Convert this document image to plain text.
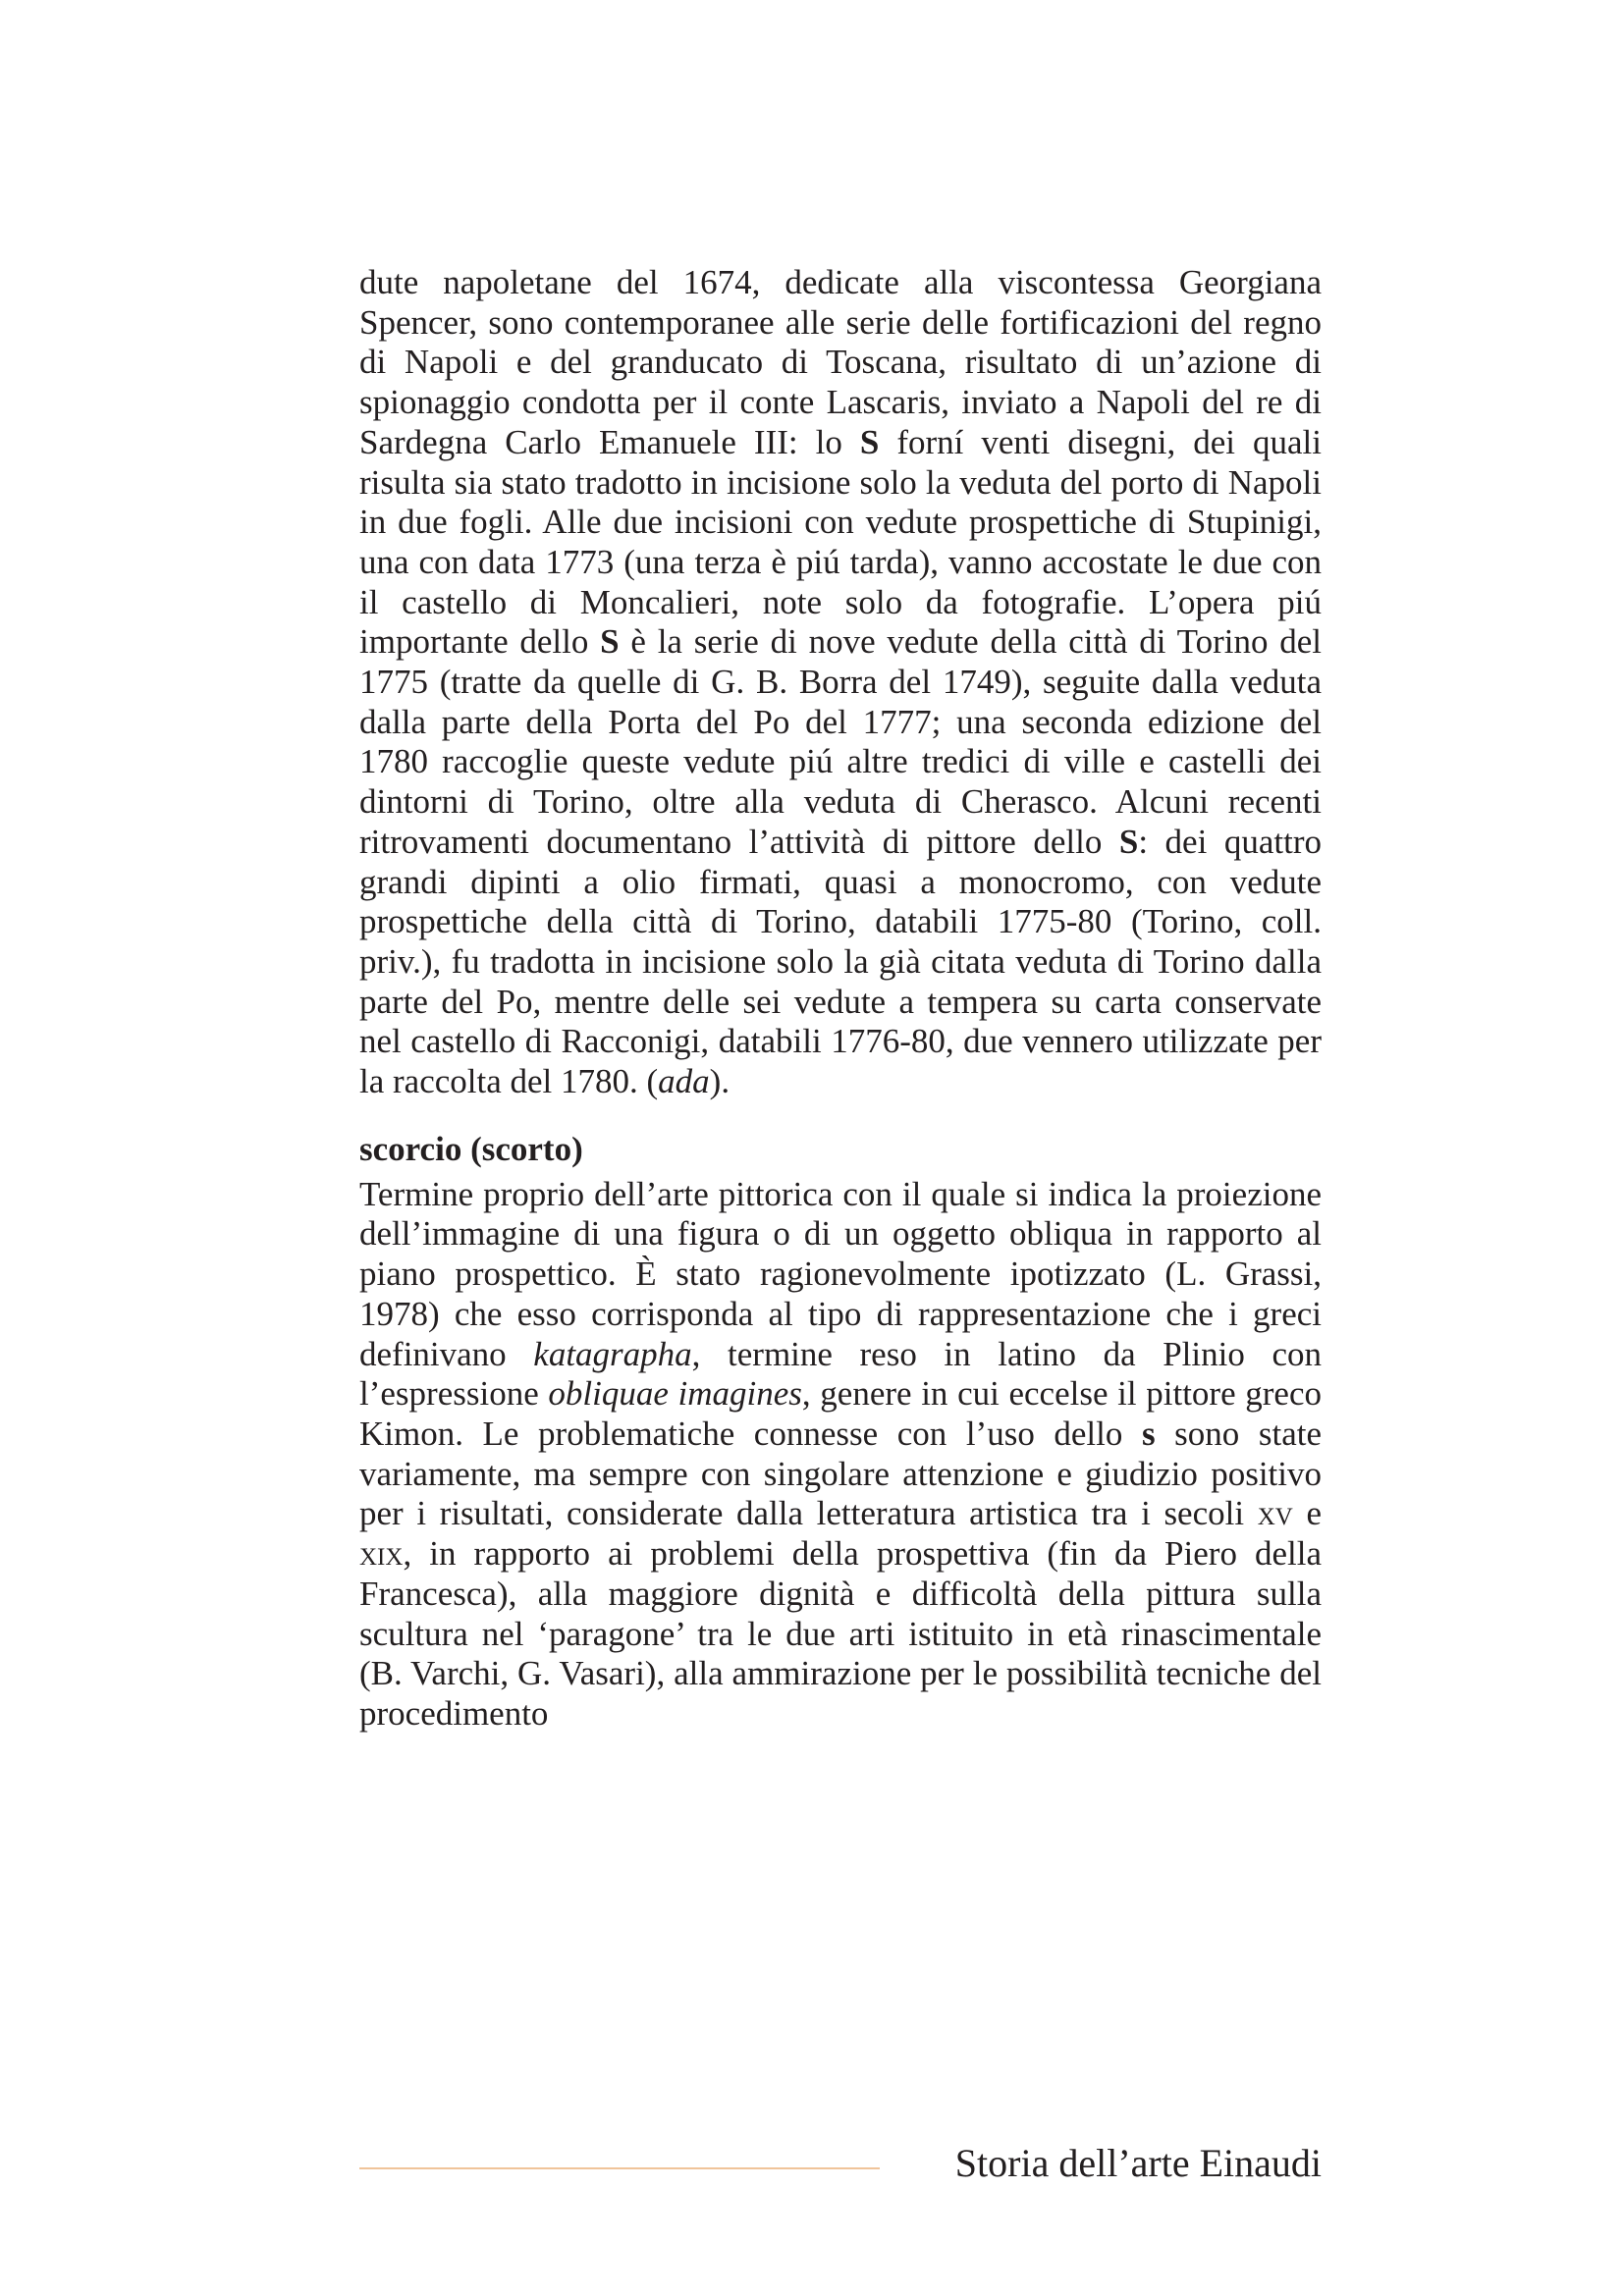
dute napoletane del 1674, dedicate alla viscontessa Georgiana Spencer, sono contemporanee alle serie delle fortificazioni del regno di Napoli e del granducato di Toscana, risultato di un’azione di spionaggio condotta per il conte Lascaris, inviato a Napoli del re di Sardegna Carlo Emanuele III: lo S forní venti disegni, dei quali risulta sia stato tradotto in incisione solo la veduta del porto di Napoli in due fogli. Alle due incisioni con vedute prospettiche di Stupinigi, una con data 1773 (una terza è piú tarda), vanno accostate le due con il castello di Moncalieri, note solo da fotografie. L’opera piú importante dello S è la serie di nove vedute della città di Torino del 1775 (tratte da quelle di G. B. Borra del 1749), seguite dalla veduta dalla parte della Porta del Po del 1777; una seconda edizione del 1780 raccoglie queste vedute piú altre tredici di ville e castelli dei dintorni di Torino, oltre alla veduta di Cherasco. Alcuni recenti ritrovamenti documentano l’attività di pittore dello S: dei quattro grandi dipinti a olio firmati, quasi a monocromo, con vedute prospettiche della città di Torino, databili 1775-80 (Torino, coll. priv.), fu tradotta in incisione solo la già citata veduta di Torino dalla parte del Po, mentre delle sei vedute a tempera su carta conservate nel castello di Racconigi, databili 1776-80, due vennero utilizzate per la raccolta del 1780. (ada).

scorcio (scorto)

Termine proprio dell’arte pittorica con il quale si indica la proiezione dell’immagine di una figura o di un oggetto obliqua in rapporto al piano prospettico. È stato ragionevolmente ipotizzato (L. Grassi, 1978) che esso corrisponda al tipo di rappresentazione che i greci definivano katagrapha, termine reso in latino da Plinio con l’espressione obliquae imagines, genere in cui eccelse il pittore greco Kimon. Le problematiche connesse con l’uso dello s sono state variamente, ma sempre con singolare attenzione e giudizio positivo per i risultati, considerate dalla letteratura artistica tra i secoli xv e xix, in rapporto ai problemi della prospettiva (fin da Piero della Francesca), alla maggiore dignità e difficoltà della pittura sulla scultura nel ‘paragone’ tra le due arti istituito in età rinascimentale (B. Varchi, G. Vasari), alla ammirazione per le possibilità tecniche del procedimento

Storia dell’arte Einaudi
